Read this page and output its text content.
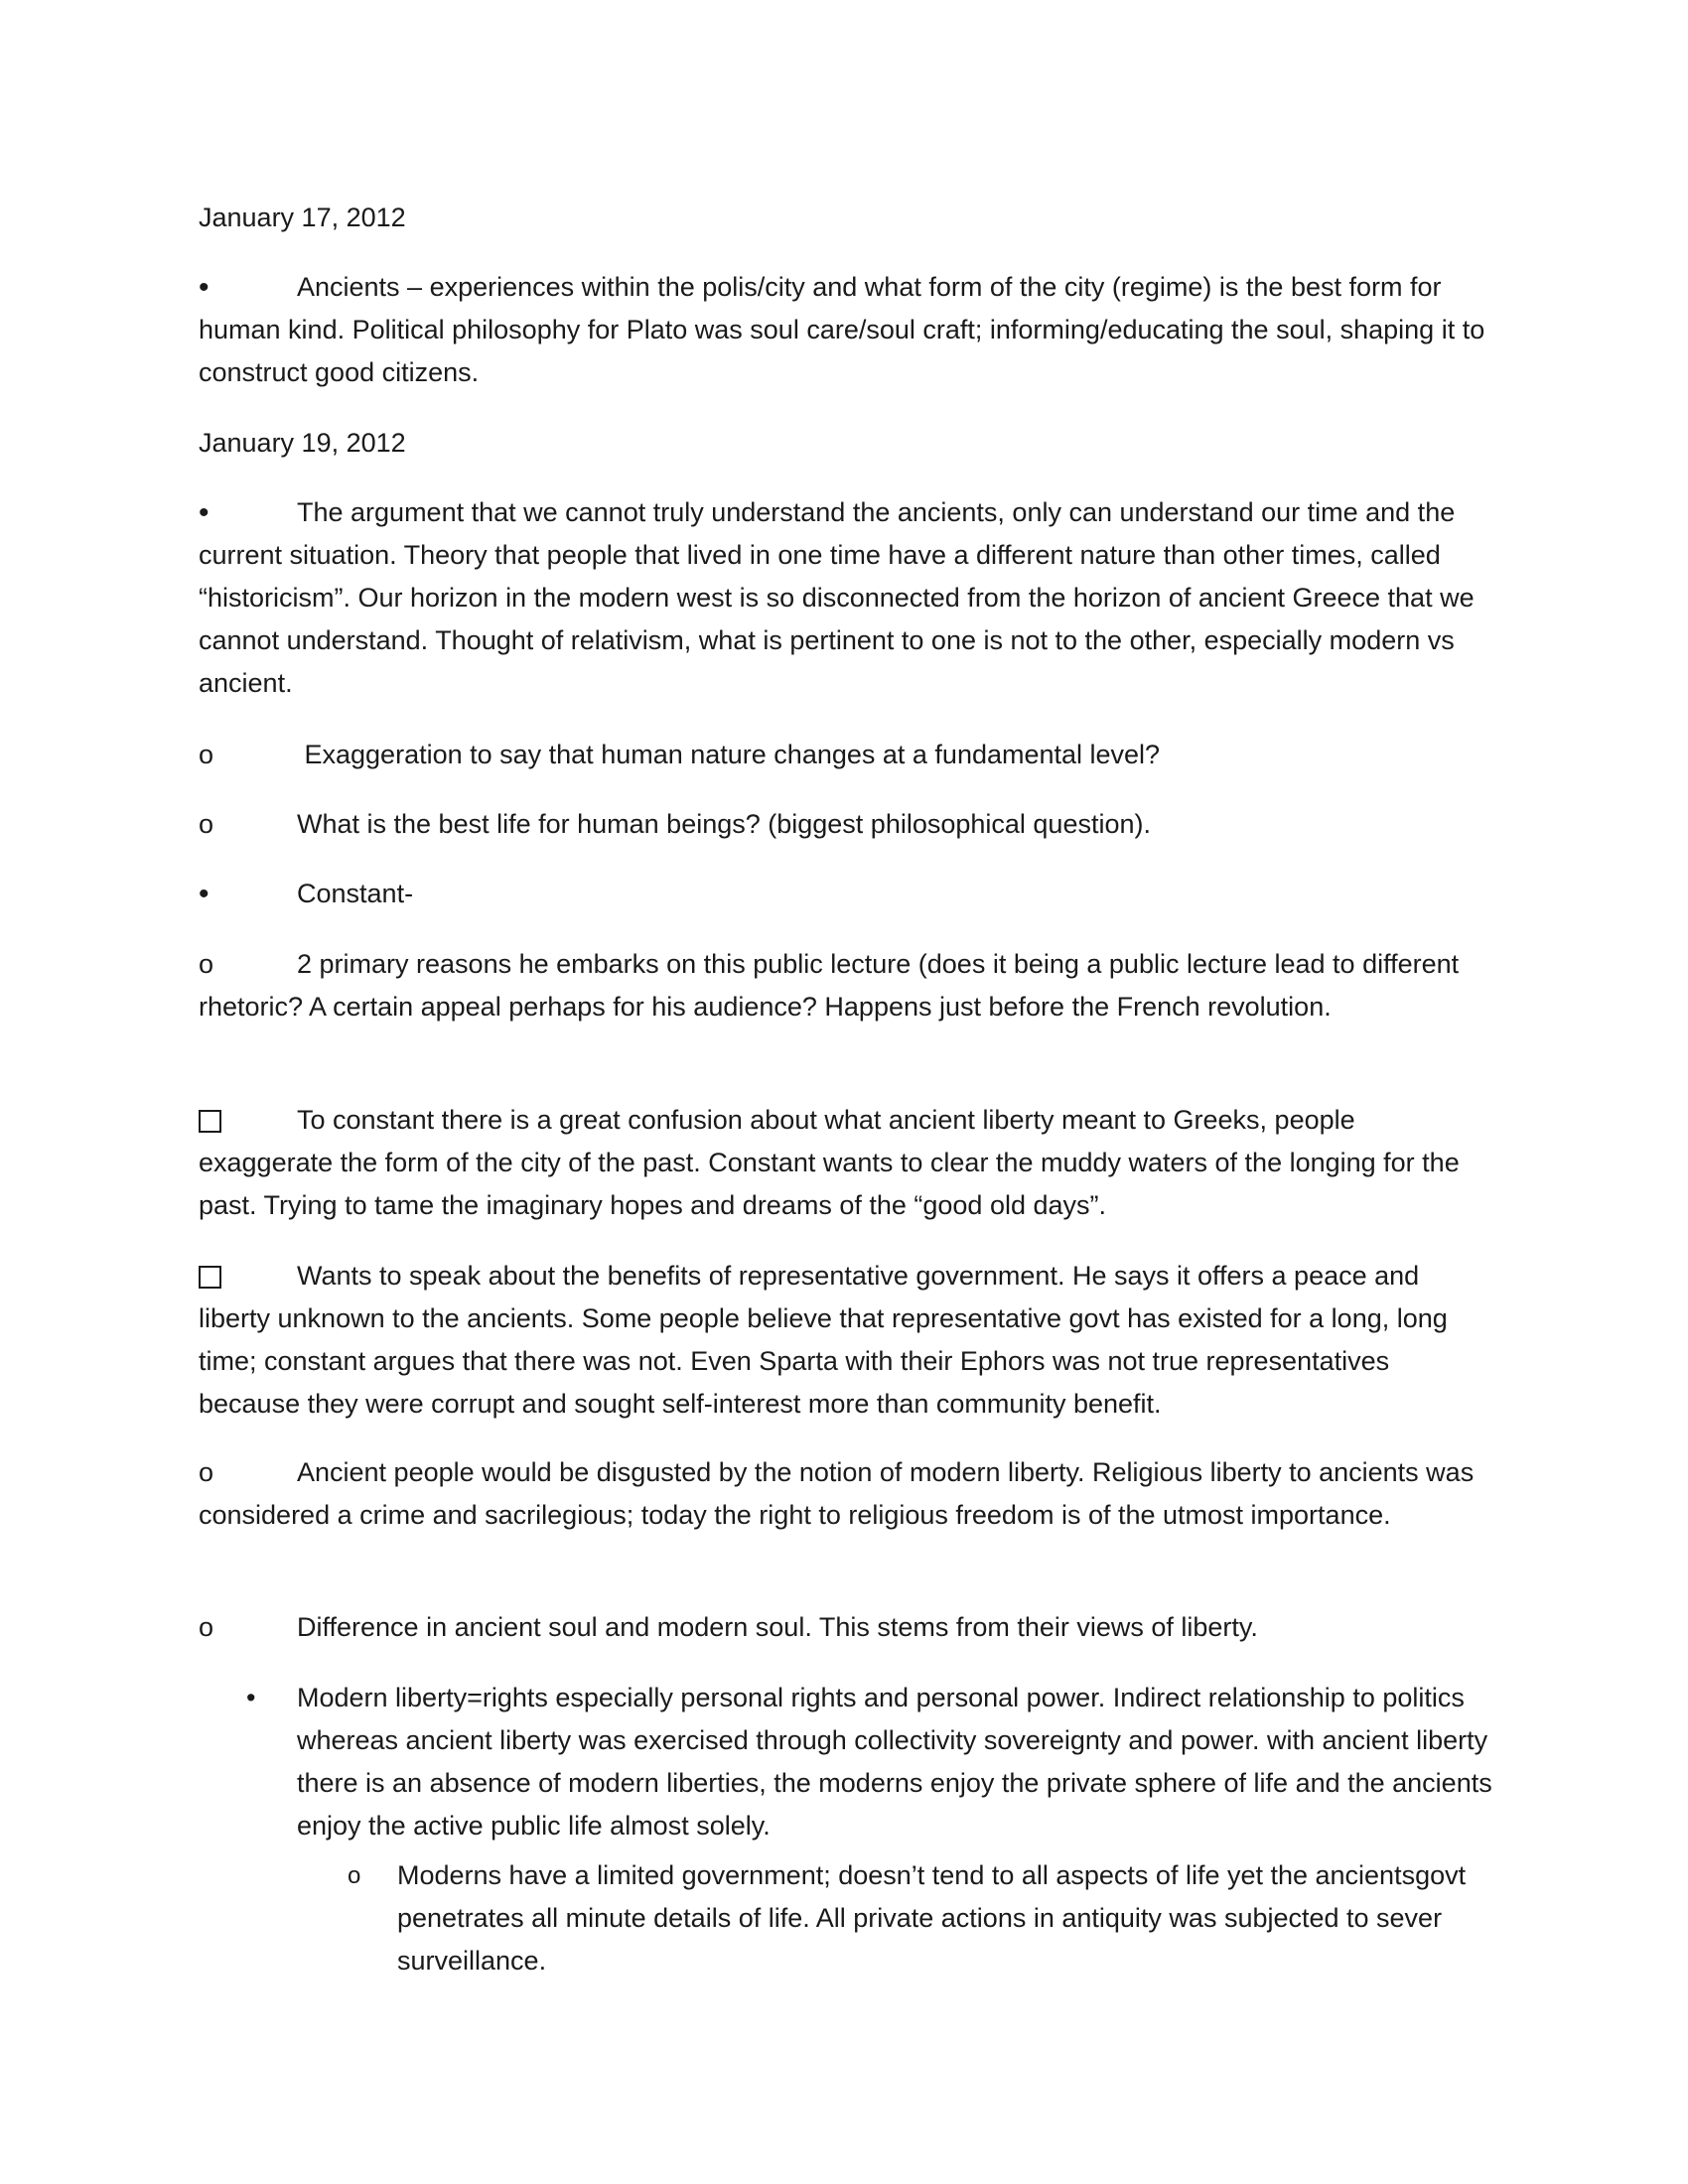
January 17, 2012

•	Ancients – experiences within the polis/city and what form of the city (regime) is the best form for human kind. Political philosophy for Plato was soul care/soul craft; informing/educating the soul, shaping it to construct good citizens.

January 19, 2012

•	The argument that we cannot truly understand the ancients, only can understand our time and the current situation. Theory that people that lived in one time have a different nature than other times, called “historicism”. Our horizon in the modern west is so disconnected from the horizon of ancient Greece that we cannot understand. Thought of relativism, what is pertinent to one is not to the other, especially modern vs ancient.

o	Exaggeration to say that human nature changes at a fundamental level?

o	What is the best life for human beings? (biggest philosophical question).

•	Constant-

o	2 primary reasons he embarks on this public lecture (does it being a public lecture lead to different rhetoric? A certain appeal perhaps for his audience? Happens just before the French revolution.

To constant there is a great confusion about what ancient liberty meant to Greeks, people exaggerate the form of the city of the past. Constant wants to clear the muddy waters of the longing for the past. Trying to tame the imaginary hopes and dreams of the “good old days”.

Wants to speak about the benefits of representative government. He says it offers a peace and liberty unknown to the ancients. Some people believe that representative govt has existed for a long, long time; constant argues that there was not. Even Sparta with their Ephors was not true representatives because they were corrupt and sought self-interest more than community benefit.

o	Ancient people would be disgusted by the notion of modern liberty. Religious liberty to ancients was considered a crime and sacrilegious; today the right to religious freedom is of the utmost importance.

o	Difference in ancient soul and modern soul. This stems from their views of liberty.

• Modern liberty=rights especially personal rights and personal power. Indirect relationship to politics whereas ancient liberty was exercised through collectivity sovereignty and power. with ancient liberty there is an absence of modern liberties, the moderns enjoy the private sphere of life and the ancients enjoy the active public life almost solely.

o Moderns have a limited government; doesn’t tend to all aspects of life yet the ancientsgovt penetrates all minute details of life. All private actions in antiquity was subjected to sever surveillance.
